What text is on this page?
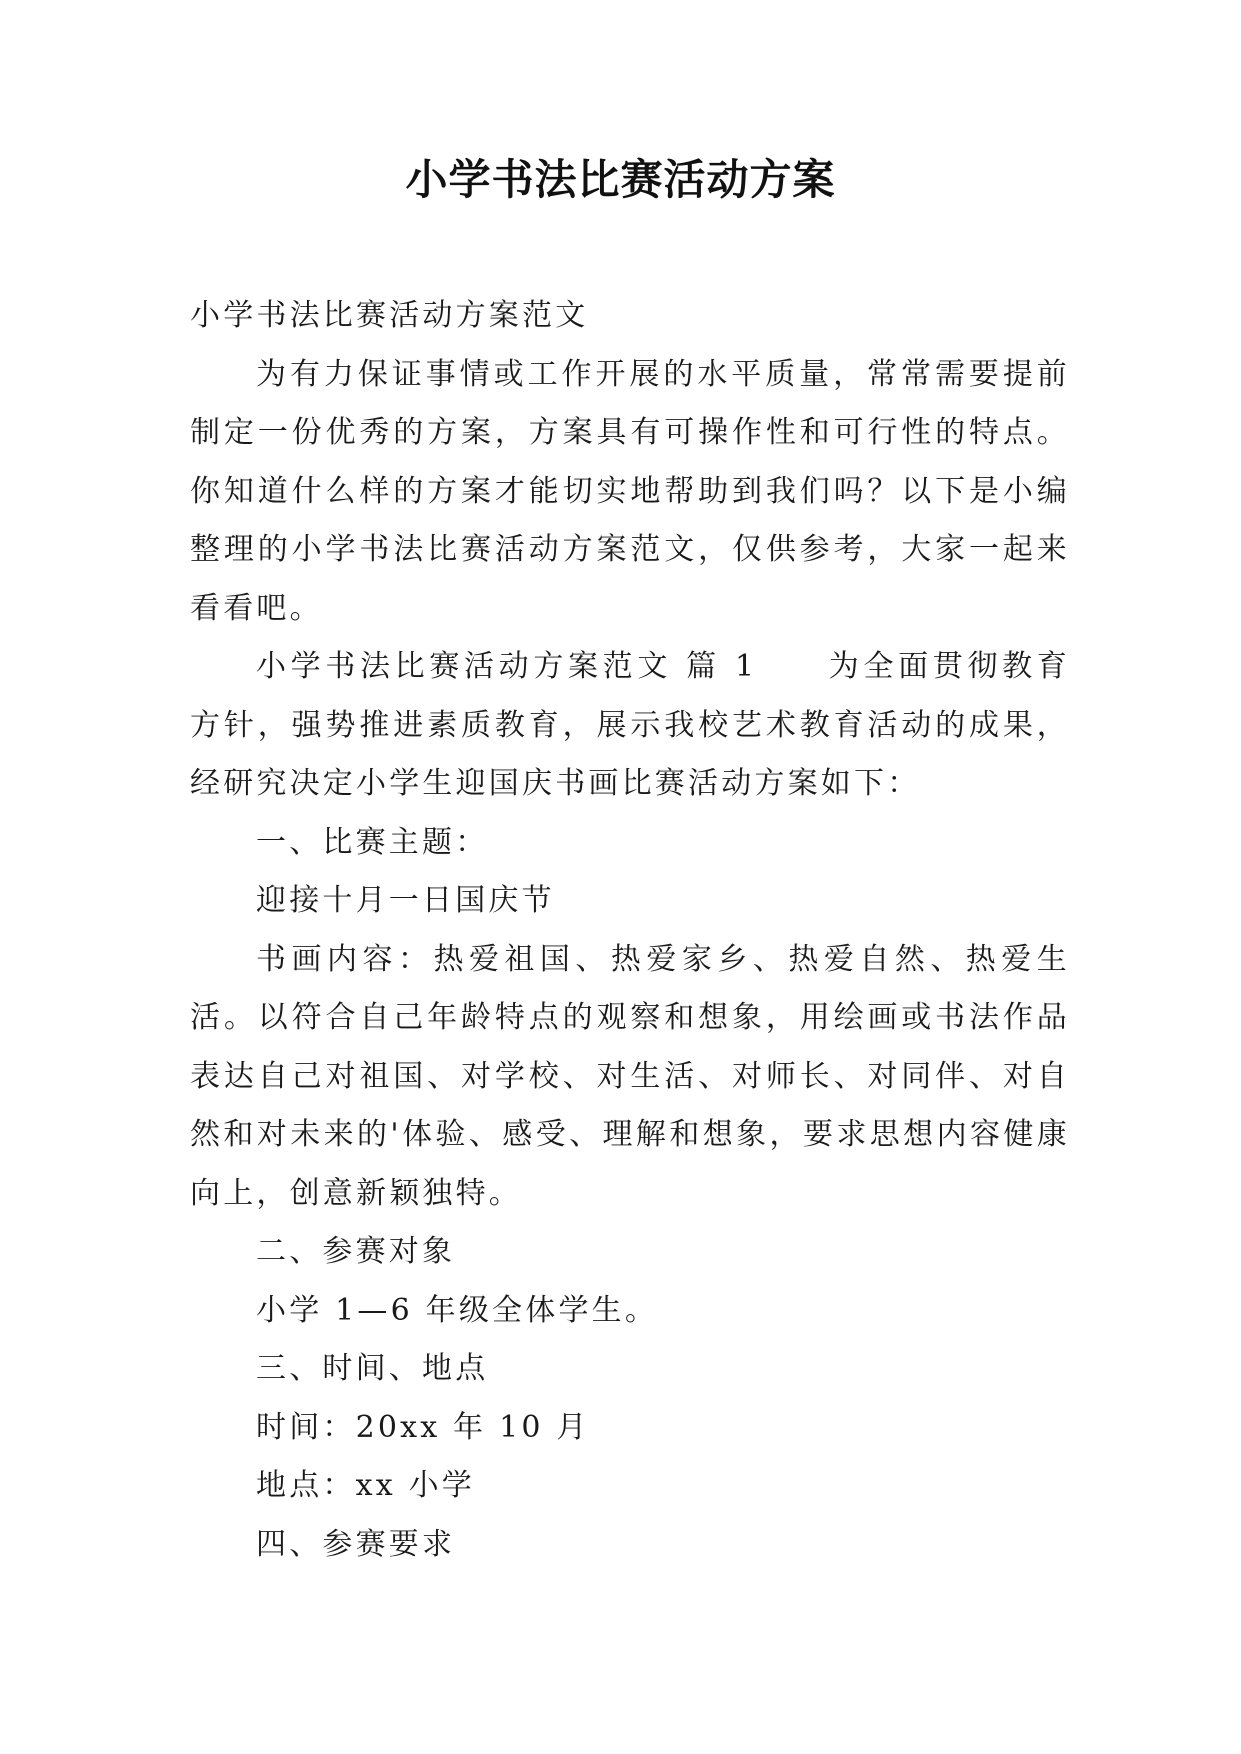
小学书法比赛活动方案

小学书法比赛活动方案范文

为有力保证事情或工作开展的水平质量，常常需要提前制定一份优秀的方案，方案具有可操作性和可行性的特点。你知道什么样的方案才能切实地帮助到我们吗？以下是小编整理的小学书法比赛活动方案范文，仅供参考，大家一起来看看吧。

小学书法比赛活动方案范文 篇 1 为全面贯彻教育方针，强势推进素质教育，展示我校艺术教育活动的成果，经研究决定小学生迎国庆书画比赛活动方案如下：

一、比赛主题：

迎接十月一日国庆节

书画内容：热爱祖国、热爱家乡、热爱自然、热爱生活。以符合自己年龄特点的观察和想象，用绘画或书法作品表达自己对祖国、对学校、对生活、对师长、对同伴、对自然和对未来的'体验、感受、理解和想象，要求思想内容健康向上，创意新颖独特。

二、参赛对象

小学 1—6 年级全体学生。

三、时间、地点

时间：20xx 年 10 月

地点：xx 小学

四、参赛要求
